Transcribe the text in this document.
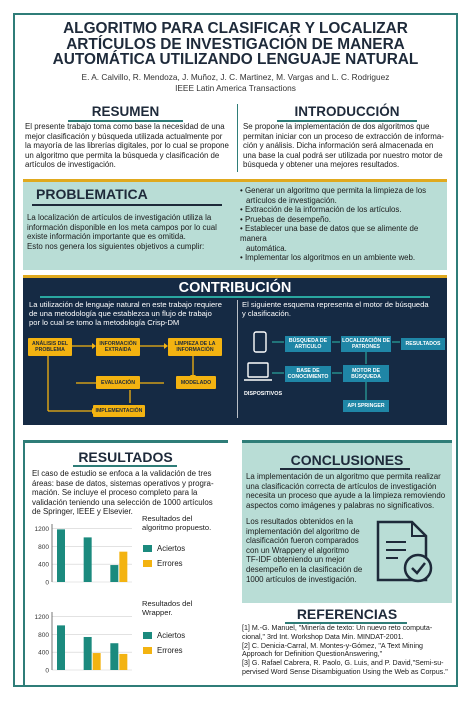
ALGORITMO PARA CLASIFICAR Y LOCALIZAR
ARTÍCULOS DE INVESTIGACIÓN DE MANERA
AUTOMÁTICA UTILIZANDO LENGUAJE NATURAL
E. A. Calvillo, R. Mendoza, J. Muñoz, J. C. Martinez, M. Vargas and L. C. Rodriguez
IEEE Latin America Transactions
RESUMEN
El presente trabajo toma como base la necesidad de una
mejor clasificación y búsqueda utilizada actualmente por
la mayoría de las librerías digitales, por lo cual se propone
un algoritmo que permita la búsqueda y clasificación de
artículos de investigación.
INTRODUCCIÓN
Se propone la implementación de dos algoritmos que
permitan iniciar con un proceso de extracción de informa-
ción y análisis. Dicha información será almacenada en
una base la cual podrá ser utilizada por nuestro motor de
búsqueda y obtener una mejores resultados.
PROBLEMATICA
La localización de artículos de investigación utiliza la
información disponible en los meta campos por lo cual
existe información importante que es omitida.
Esto nos genera los siguientes objetivos a cumplir:
• Generar un algoritmo que permita la limpieza de los
artículos de investigación.
• Extracción de la información de los artículos.
• Pruebas de desempeño.
• Establecer una base de datos que se alimente de manera
automática.
• Implementar los algoritmos en un ambiente web.
CONTRIBUCIÓN
La utilización de lenguaje natural en este trabajo requiere
de una metodología que establezca un flujo de trabajo
por lo cual se tomo la metodología Crisp-DM
El siguiente esquema representa el motor de búsqueda
y clasificación.
ANÁLISIS DEL PROBLEMA
INFORMACIÓN EXTRAIDA
LIMPIEZA DE LA INFORMACIÓN
EVALUACIÓN	MODELADO
IMPLEMENTACIÓN
BÚSQUEDA DE ARTICULO
LOCALIZACIÓN DE PATRONES	RESULTADOS
BASE DE CONOCIMIENTO
MOTOR DE BÚSQUEDA
API SPRINGER
DISPOSITIVOS
RESULTADOS
El caso de estudio se enfoca a la validación de tres
áreas: base de datos, sistemas operativos y progra-
mación. Se incluye el proceso completo para la
validación teniendo una selección de 1000 artículos
de Springer, IEEE y Elsevier.
1200
800
400
0
1200
800
400
0
Resultados del
algoritmo propuesto.
Aciertos
Errores
Resultados del
Wrapper.
Aciertos
Errores
CONCLUSIONES
La implementación de un algoritmo que permita realizar
una clasificación correcta de artículos de investigación
necesita un proceso que ayude a la limpieza removiendo
aspectos como imágenes y palabras no significativos.
Los resultados obtenidos en la
implementación del algoritmo de
clasificación fueron comparados
con un Wrappery el algoritmo
TF-IDF obteniendo un mejor
desempeño en la clasificación de
1000 artículos de investigación.
REFERENCIAS
[1] M.-G. Manuel, "Minería de texto: Un nuevo reto computa-
cional," 3rd Int. Workshop Data Min. MINDAT-2001.
[2] C. Denicia-Carral, M. Montes-y-Gómez, "A Text Mining
Approach for Definition QuestionAnswering,"
[3] G. Rafael Cabrera, R. Paolo, G. Luis, and P. David,"Semi-su-
pervised Word Sense Disambiguation Using the Web as Corpus."
